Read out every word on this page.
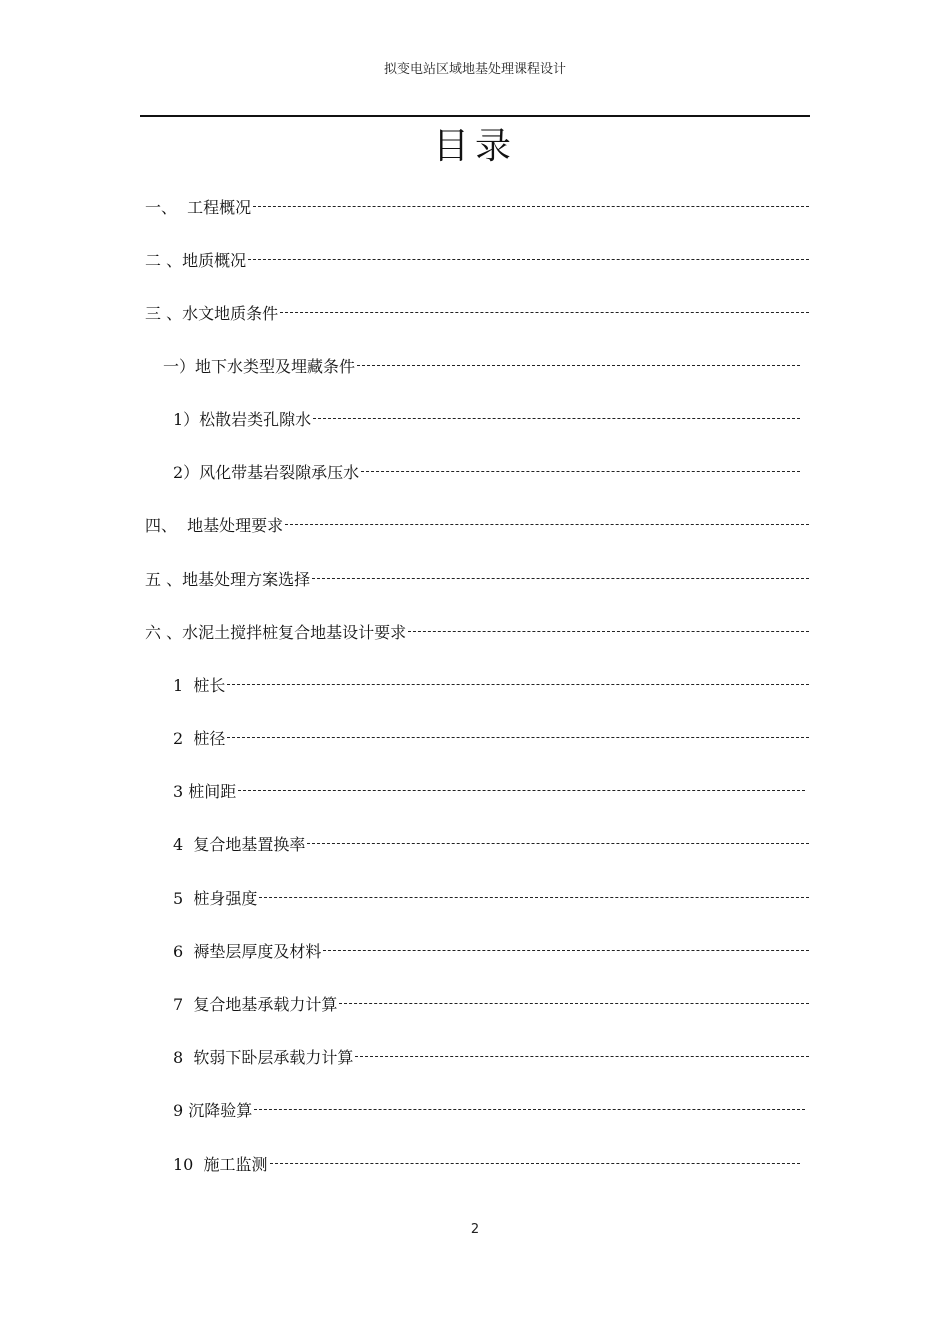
拟变电站区域地基处理课程设计
目录
一、  工程概况
二 、地质概况
三 、水文地质条件
一）地下水类型及埋藏条件
1）松散岩类孔隙水
2）风化带基岩裂隙承压水
四、  地基处理要求
五 、地基处理方案选择
六 、水泥土搅拌桩复合地基设计要求
1  桩长
2  桩径
3 桩间距
4  复合地基置换率
5  桩身强度
6  褥垫层厚度及材料
7  复合地基承载力计算
8  软弱下卧层承载力计算
9 沉降验算
10  施工监测
2
